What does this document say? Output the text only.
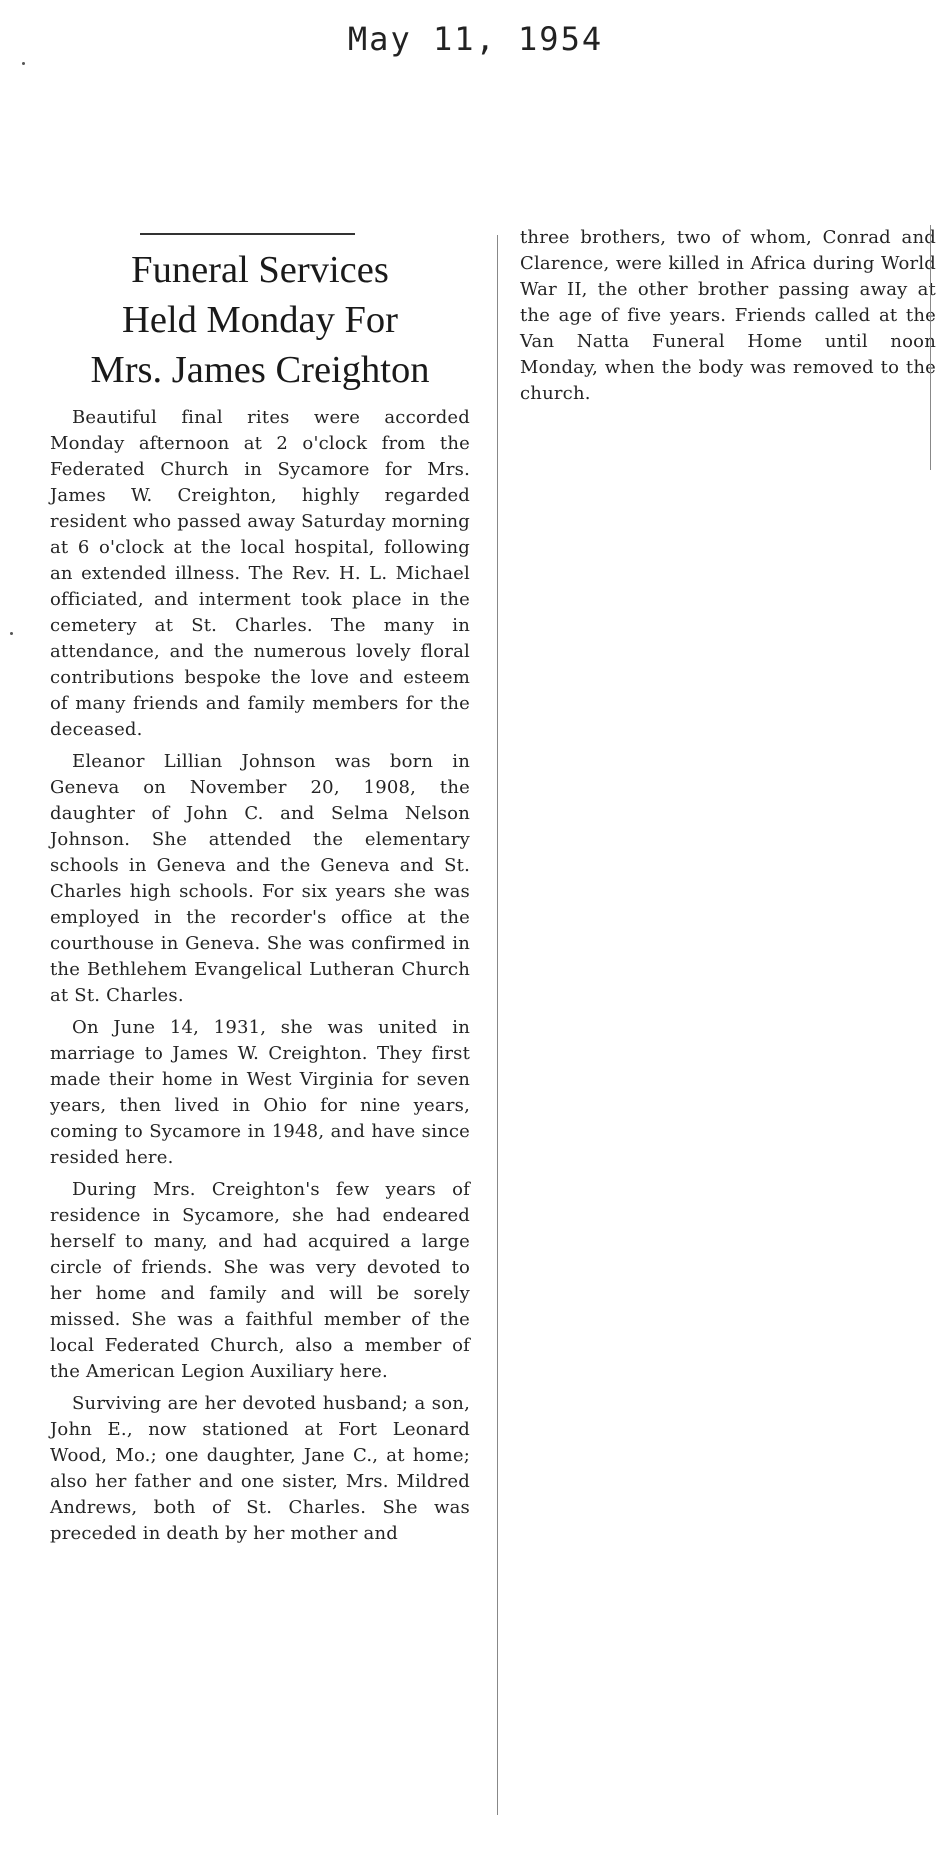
May 11, 1954
Funeral Services
Held Monday For
Mrs. James Creighton

Beautiful final rites were accorded Monday afternoon at 2 o'clock from the Federated Church in Sycamore for Mrs. James W. Creighton, highly regarded resident who passed away Saturday morning at 6 o'clock at the local hospital, following an extended illness. The Rev. H. L. Michael officiated, and interment took place in the cemetery at St. Charles. The many in attendance, and the numerous lovely floral contributions bespoke the love and esteem of many friends and family members for the deceased.

Eleanor Lillian Johnson was born in Geneva on November 20, 1908, the daughter of John C. and Selma Nelson Johnson. She attended the elementary schools in Geneva and the Geneva and St. Charles high schools. For six years she was employed in the recorder's office at the courthouse in Geneva. She was confirmed in the Bethlehem Evangelical Lutheran Church at St. Charles.

On June 14, 1931, she was united in marriage to James W. Creighton. They first made their home in West Virginia for seven years, then lived in Ohio for nine years, coming to Sycamore in 1948, and have since resided here.

During Mrs. Creighton's few years of residence in Sycamore, she had endeared herself to many, and had acquired a large circle of friends. She was very devoted to her home and family and will be sorely missed. She was a faithful member of the local Federated Church, also a member of the American Legion Auxiliary here.

Surviving are her devoted husband; a son, John E., now stationed at Fort Leonard Wood, Mo.; one daughter, Jane C., at home; also her father and one sister, Mrs. Mildred Andrews, both of St. Charles. She was preceded in death by her mother and

three brothers, two of whom, Conrad and Clarence, were killed in Africa during World War II, the other brother passing away at the age of five years. Friends called at the Van Natta Funeral Home until noon Monday, when the body was removed to the church.
